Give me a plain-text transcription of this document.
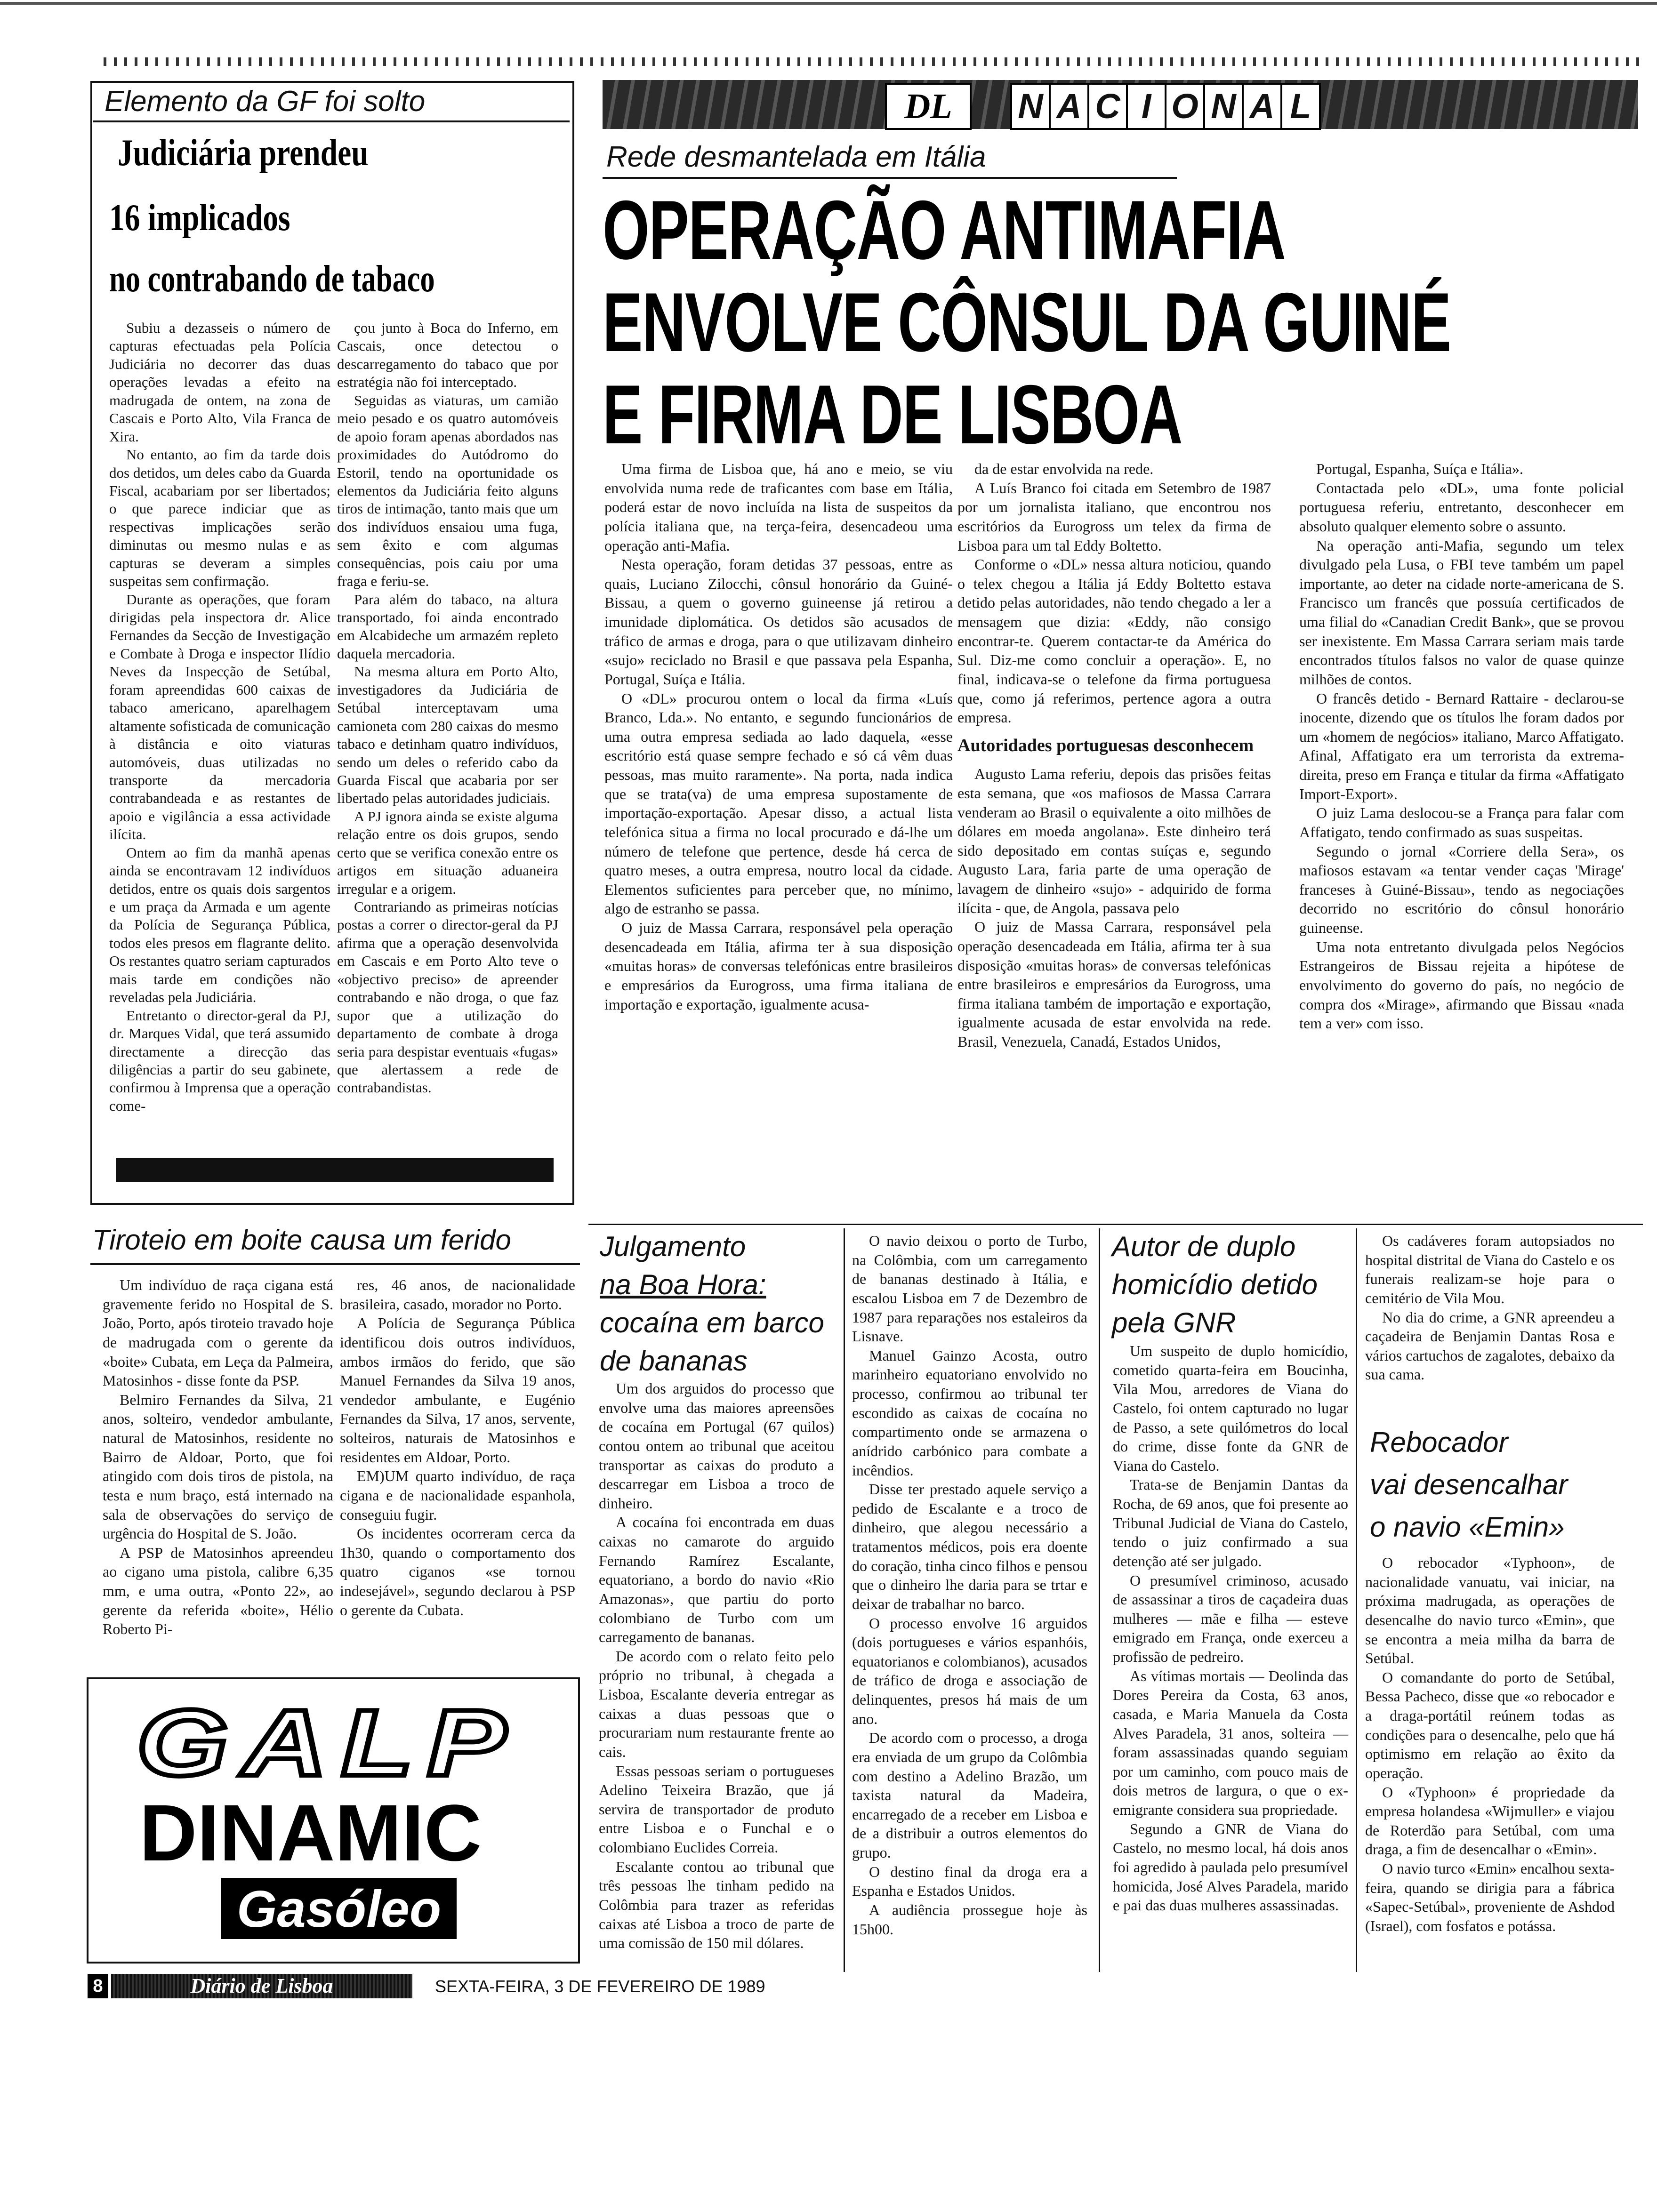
Elemento da GF foi solto
Judiciária prendeu
16 implicados
no contrabando de tabaco

Subiu a dezasseis o número de capturas efectuadas pela Polícia Judiciária no decorrer das duas operações levadas a efeito na madrugada de ontem, na zona de Cascais e Porto Alto, Vila Franca de Xira.

No entanto, ao fim da tarde dois dos detidos, um deles cabo da Guarda Fiscal, acabariam por ser libertados; o que parece indiciar que as respectivas implicações serão diminutas ou mesmo nulas e as capturas se deveram a simples suspeitas sem confirmação.

Durante as operações, que foram dirigidas pela inspectora dr. Alice Fernandes da Secção de Investigação e Combate à Droga e inspector Ilídio Neves da Inspecção de Setúbal, foram apreendidas 600 caixas de tabaco americano, aparelhagem altamente sofisticada de comunicação à distância e oito viaturas automóveis, duas utilizadas no transporte da mercadoria contrabandeada e as restantes de apoio e vigilância a essa actividade ilícita.

Ontem ao fim da manhã apenas ainda se encontravam 12 indivíduos detidos, entre os quais dois sargentos e um praça da Armada e um agente da Polícia de Segurança Pública, todos eles presos em flagrante delito. Os restantes quatro seriam capturados mais tarde em condições não reveladas pela Judiciária.

Entretanto o director-geral da PJ, dr. Marques Vidal, que terá assumido directamente a direcção das diligências a partir do seu gabinete, confirmou à Imprensa que a operação come-

çou junto à Boca do Inferno, em Cascais, once detectou o descarregamento do tabaco que por estratégia não foi interceptado.

Seguidas as viaturas, um camião meio pesado e os quatro automóveis de apoio foram apenas abordados nas proximidades do Autódromo do Estoril, tendo na oportunidade os elementos da Judiciária feito alguns tiros de intimação, tanto mais que um dos indivíduos ensaiou uma fuga, sem êxito e com algumas consequências, pois caiu por uma fraga e feriu-se.

Para além do tabaco, na altura transportado, foi ainda encontrado em Alcabideche um armazém repleto daquela mercadoria.

Na mesma altura em Porto Alto, investigadores da Judiciária de Setúbal interceptavam uma camioneta com 280 caixas do mesmo tabaco e detinham quatro indivíduos, sendo um deles o referido cabo da Guarda Fiscal que acabaria por ser libertado pelas autoridades judiciais.

A PJ ignora ainda se existe alguma relação entre os dois grupos, sendo certo que se verifica conexão entre os artigos em situação aduaneira irregular e a origem.

Contrariando as primeiras notícias postas a correr o director-geral da PJ afirma que a operação desenvolvida em Cascais e em Porto Alto teve o «objectivo preciso» de apreender contrabando e não droga, o que faz supor que a utilização do departamento de combate à droga seria para despistar eventuais «fugas» que alertassem a rede de contrabandistas.

DL	N A C I O N A L
Rede desmantelada em Itália
OPERAÇÃO ANTIMAFIA
ENVOLVE CÔNSUL DA GUINÉ
E FIRMA DE LISBOA

Uma firma de Lisboa que, há ano e meio, se viu envolvida numa rede de traficantes com base em Itália, poderá estar de novo incluída na lista de suspeitos da polícia italiana que, na terça-feira, desencadeou uma operação anti-Mafia.

Nesta operação, foram detidas 37 pessoas, entre as quais, Luciano Zilocchi, cônsul honorário da Guiné-Bissau, a quem o governo guineense já retirou a imunidade diplomática. Os detidos são acusados de tráfico de armas e droga, para o que utilizavam dinheiro «sujo» reciclado no Brasil e que passava pela Espanha, Portugal, Suíça e Itália.

O «DL» procurou ontem o local da firma «Luís Branco, Lda.». No entanto, e segundo funcionários de uma outra empresa sediada ao lado daquela, «esse escritório está quase sempre fechado e só cá vêm duas pessoas, mas muito raramente». Na porta, nada indica que se trata(va) de uma empresa supostamente de importação-exportação. Apesar disso, a actual lista telefónica situa a firma no local procurado e dá-lhe um número de telefone que pertence, desde há cerca de quatro meses, a outra empresa, noutro local da cidade. Elementos suficientes para perceber que, no mínimo, algo de estranho se passa.

O juiz de Massa Carrara, responsável pela operação desencadeada em Itália, afirma ter à sua disposição «muitas horas» de conversas telefónicas entre brasileiros e empresários da Eurogross, uma firma italiana de importação e exportação, igualmente acusa-

da de estar envolvida na rede.

A Luís Branco foi citada em Setembro de 1987 por um jornalista italiano, que encontrou nos escritórios da Eurogross um telex da firma de Lisboa para um tal Eddy Boltetto.

Conforme o «DL» nessa altura noticiou, quando o telex chegou a Itália já Eddy Boltetto estava detido pelas autoridades, não tendo chegado a ler a mensagem que dizia: «Eddy, não consigo encontrar-te. Querem contactar-te da América do Sul. Diz-me como concluir a operação». E, no final, indicava-se o telefone da firma portuguesa que, como já referimos, pertence agora a outra empresa.

Autoridades portuguesas desconhecem

Augusto Lama referiu, depois das prisões feitas esta semana, que «os mafiosos de Massa Carrara venderam ao Brasil o equivalente a oito milhões de dólares em moeda angolana». Este dinheiro terá sido depositado em contas suíças e, segundo Augusto Lara, faria parte de uma operação de lavagem de dinheiro «sujo» - adquirido de forma ilícita - que, de Angola, passava pelo

O juiz de Massa Carrara, responsável pela operação desencadeada em Itália, afirma ter à sua disposição «muitas horas» de conversas telefónicas entre brasileiros e empresários da Eurogross, uma firma italiana também de importação e exportação, igualmente acusada de estar envolvida na rede. Brasil, Venezuela, Canadá, Estados Unidos,

Portugal, Espanha, Suíça e Itália».

Contactada pelo «DL», uma fonte policial portuguesa referiu, entretanto, desconhecer em absoluto qualquer elemento sobre o assunto.

Na operação anti-Mafia, segundo um telex divulgado pela Lusa, o FBI teve também um papel importante, ao deter na cidade norte-americana de S. Francisco um francês que possuía certificados de uma filial do «Canadian Credit Bank», que se provou ser inexistente. Em Massa Carrara seriam mais tarde encontrados títulos falsos no valor de quase quinze milhões de contos.

O francês detido - Bernard Rattaire - declarou-se inocente, dizendo que os títulos lhe foram dados por um «homem de negócios» italiano, Marco Affatigato. Afinal, Affatigato era um terrorista da extrema-direita, preso em França e titular da firma «Affatigato Import-Export».

O juiz Lama deslocou-se a França para falar com Affatigato, tendo confirmado as suas suspeitas.

Segundo o jornal «Corriere della Sera», os mafiosos estavam «a tentar vender caças 'Mirage' franceses à Guiné-Bissau», tendo as negociações decorrido no escritório do cônsul honorário guineense.

Uma nota entretanto divulgada pelos Negócios Estrangeiros de Bissau rejeita a hipótese de envolvimento do governo do país, no negócio de compra dos «Mirage», afirmando que Bissau «nada tem a ver» com isso.

Tiroteio em boite causa um ferido

Um indivíduo de raça cigana está gravemente ferido no Hospital de S. João, Porto, após tiroteio travado hoje de madrugada com o gerente da «boite» Cubata, em Leça da Palmeira, Matosinhos - disse fonte da PSP.

Belmiro Fernandes da Silva, 21 anos, solteiro, vendedor ambulante, natural de Matosinhos, residente no Bairro de Aldoar, Porto, que foi atingido com dois tiros de pistola, na testa e num braço, está internado na sala de observações do serviço de urgência do Hospital de S. João.

A PSP de Matosinhos apreendeu ao cigano uma pistola, calibre 6,35 mm, e uma outra, «Ponto 22», ao gerente da referida «boite», Hélio Roberto Pi-

res, 46 anos, de nacionalidade brasileira, casado, morador no Porto.

A Polícia de Segurança Pública identificou dois outros indivíduos, ambos irmãos do ferido, que são Manuel Fernandes da Silva 19 anos, vendedor ambulante, e Eugénio Fernandes da Silva, 17 anos, servente, solteiros, naturais de Matosinhos e residentes em Aldoar, Porto.

EM)UM quarto indivíduo, de raça cigana e de nacionalidade espanhola, conseguiu fugir.

Os incidentes ocorreram cerca da 1h30, quando o comportamento dos quatro ciganos «se tornou indesejável», segundo declarou à PSP o gerente da Cubata.

GALP
DINAMIC
Gasóleo
Julgamento
na Boa Hora:
cocaína em barco
de bananas

Um dos arguidos do processo que envolve uma das maiores apreensões de cocaína em Portugal (67 quilos) contou ontem ao tribunal que aceitou transportar as caixas do produto a descarregar em Lisboa a troco de dinheiro.

A cocaína foi encontrada em duas caixas no camarote do arguido Fernando Ramírez Escalante, equatoriano, a bordo do navio «Rio Amazonas», que partiu do porto colombiano de Turbo com um carregamento de bananas.

De acordo com o relato feito pelo próprio no tribunal, à chegada a Lisboa, Escalante deveria entregar as caixas a duas pessoas que o procurariam num restaurante frente ao cais.

Essas pessoas seriam o portugueses Adelino Teixeira Brazão, que já servira de transportador de produto entre Lisboa e o Funchal e o colombiano Euclides Correia.

Escalante contou ao tribunal que três pessoas lhe tinham pedido na Colômbia para trazer as referidas caixas até Lisboa a troco de parte de uma comissão de 150 mil dólares.

O navio deixou o porto de Turbo, na Colômbia, com um carregamento de bananas destinado à Itália, e escalou Lisboa em 7 de Dezembro de 1987 para reparações nos estaleiros da Lisnave.

Manuel Gainzo Acosta, outro marinheiro equatoriano envolvido no processo, confirmou ao tribunal ter escondido as caixas de cocaína no compartimento onde se armazena o anídrido carbónico para combate a incêndios.

Disse ter prestado aquele serviço a pedido de Escalante e a troco de dinheiro, que alegou necessário a tratamentos médicos, pois era doente do coração, tinha cinco filhos e pensou que o dinheiro lhe daria para se trtar e deixar de trabalhar no barco.

O processo envolve 16 arguidos (dois portugueses e vários espanhóis, equatorianos e colombianos), acusados de tráfico de droga e associação de delinquentes, presos há mais de um ano.

De acordo com o processo, a droga era enviada de um grupo da Colômbia com destino a Adelino Brazão, um taxista natural da Madeira, encarregado de a receber em Lisboa e de a distribuir a outros elementos do grupo.

O destino final da droga era a Espanha e Estados Unidos.

A audiência prossegue hoje às 15h00.

Autor de duplo
homicídio detido
pela GNR

Um suspeito de duplo homicídio, cometido quarta-feira em Boucinha, Vila Mou, arredores de Viana do Castelo, foi ontem capturado no lugar de Passo, a sete quilómetros do local do crime, disse fonte da GNR de Viana do Castelo.

Trata-se de Benjamin Dantas da Rocha, de 69 anos, que foi presente ao Tribunal Judicial de Viana do Castelo, tendo o juiz confirmado a sua detenção até ser julgado.

O presumível criminoso, acusado de assassinar a tiros de caçadeira duas mulheres — mãe e filha — esteve emigrado em França, onde exerceu a profissão de pedreiro.

As vítimas mortais — Deolinda das Dores Pereira da Costa, 63 anos, casada, e Maria Manuela da Costa Alves Paradela, 31 anos, solteira — foram assassinadas quando seguiam por um caminho, com pouco mais de dois metros de largura, o que o ex-emigrante considera sua propriedade.

Segundo a GNR de Viana do Castelo, no mesmo local, há dois anos foi agredido à paulada pelo presumível homicida, José Alves Paradela, marido e pai das duas mulheres assassinadas.

Os cadáveres foram autopsiados no hospital distrital de Viana do Castelo e os funerais realizam-se hoje para o cemitério de Vila Mou.

No dia do crime, a GNR apreendeu a caçadeira de Benjamin Dantas Rosa e vários cartuchos de zagalotes, debaixo da sua cama.

Rebocador
vai desencalhar
o navio «Emin»

O rebocador «Typhoon», de nacionalidade vanuatu, vai iniciar, na próxima madrugada, as operações de desencalhe do navio turco «Emin», que se encontra a meia milha da barra de Setúbal.

O comandante do porto de Setúbal, Bessa Pacheco, disse que «o rebocador e a draga-portátil reúnem todas as condições para o desencalhe, pelo que há optimismo em relação ao êxito da operação.

O «Typhoon» é propriedade da empresa holandesa «Wijmuller» e viajou de Roterdão para Setúbal, com uma draga, a fim de desencalhar o «Emin».

O navio turco «Emin» encalhou sexta-feira, quando se dirigia para a fábrica «Sapec-Setúbal», proveniente de Ashdod (Israel), com fosfatos e potássa.

8	Diário de Lisboa	SEXTA-FEIRA, 3 DE FEVEREIRO DE 1989
